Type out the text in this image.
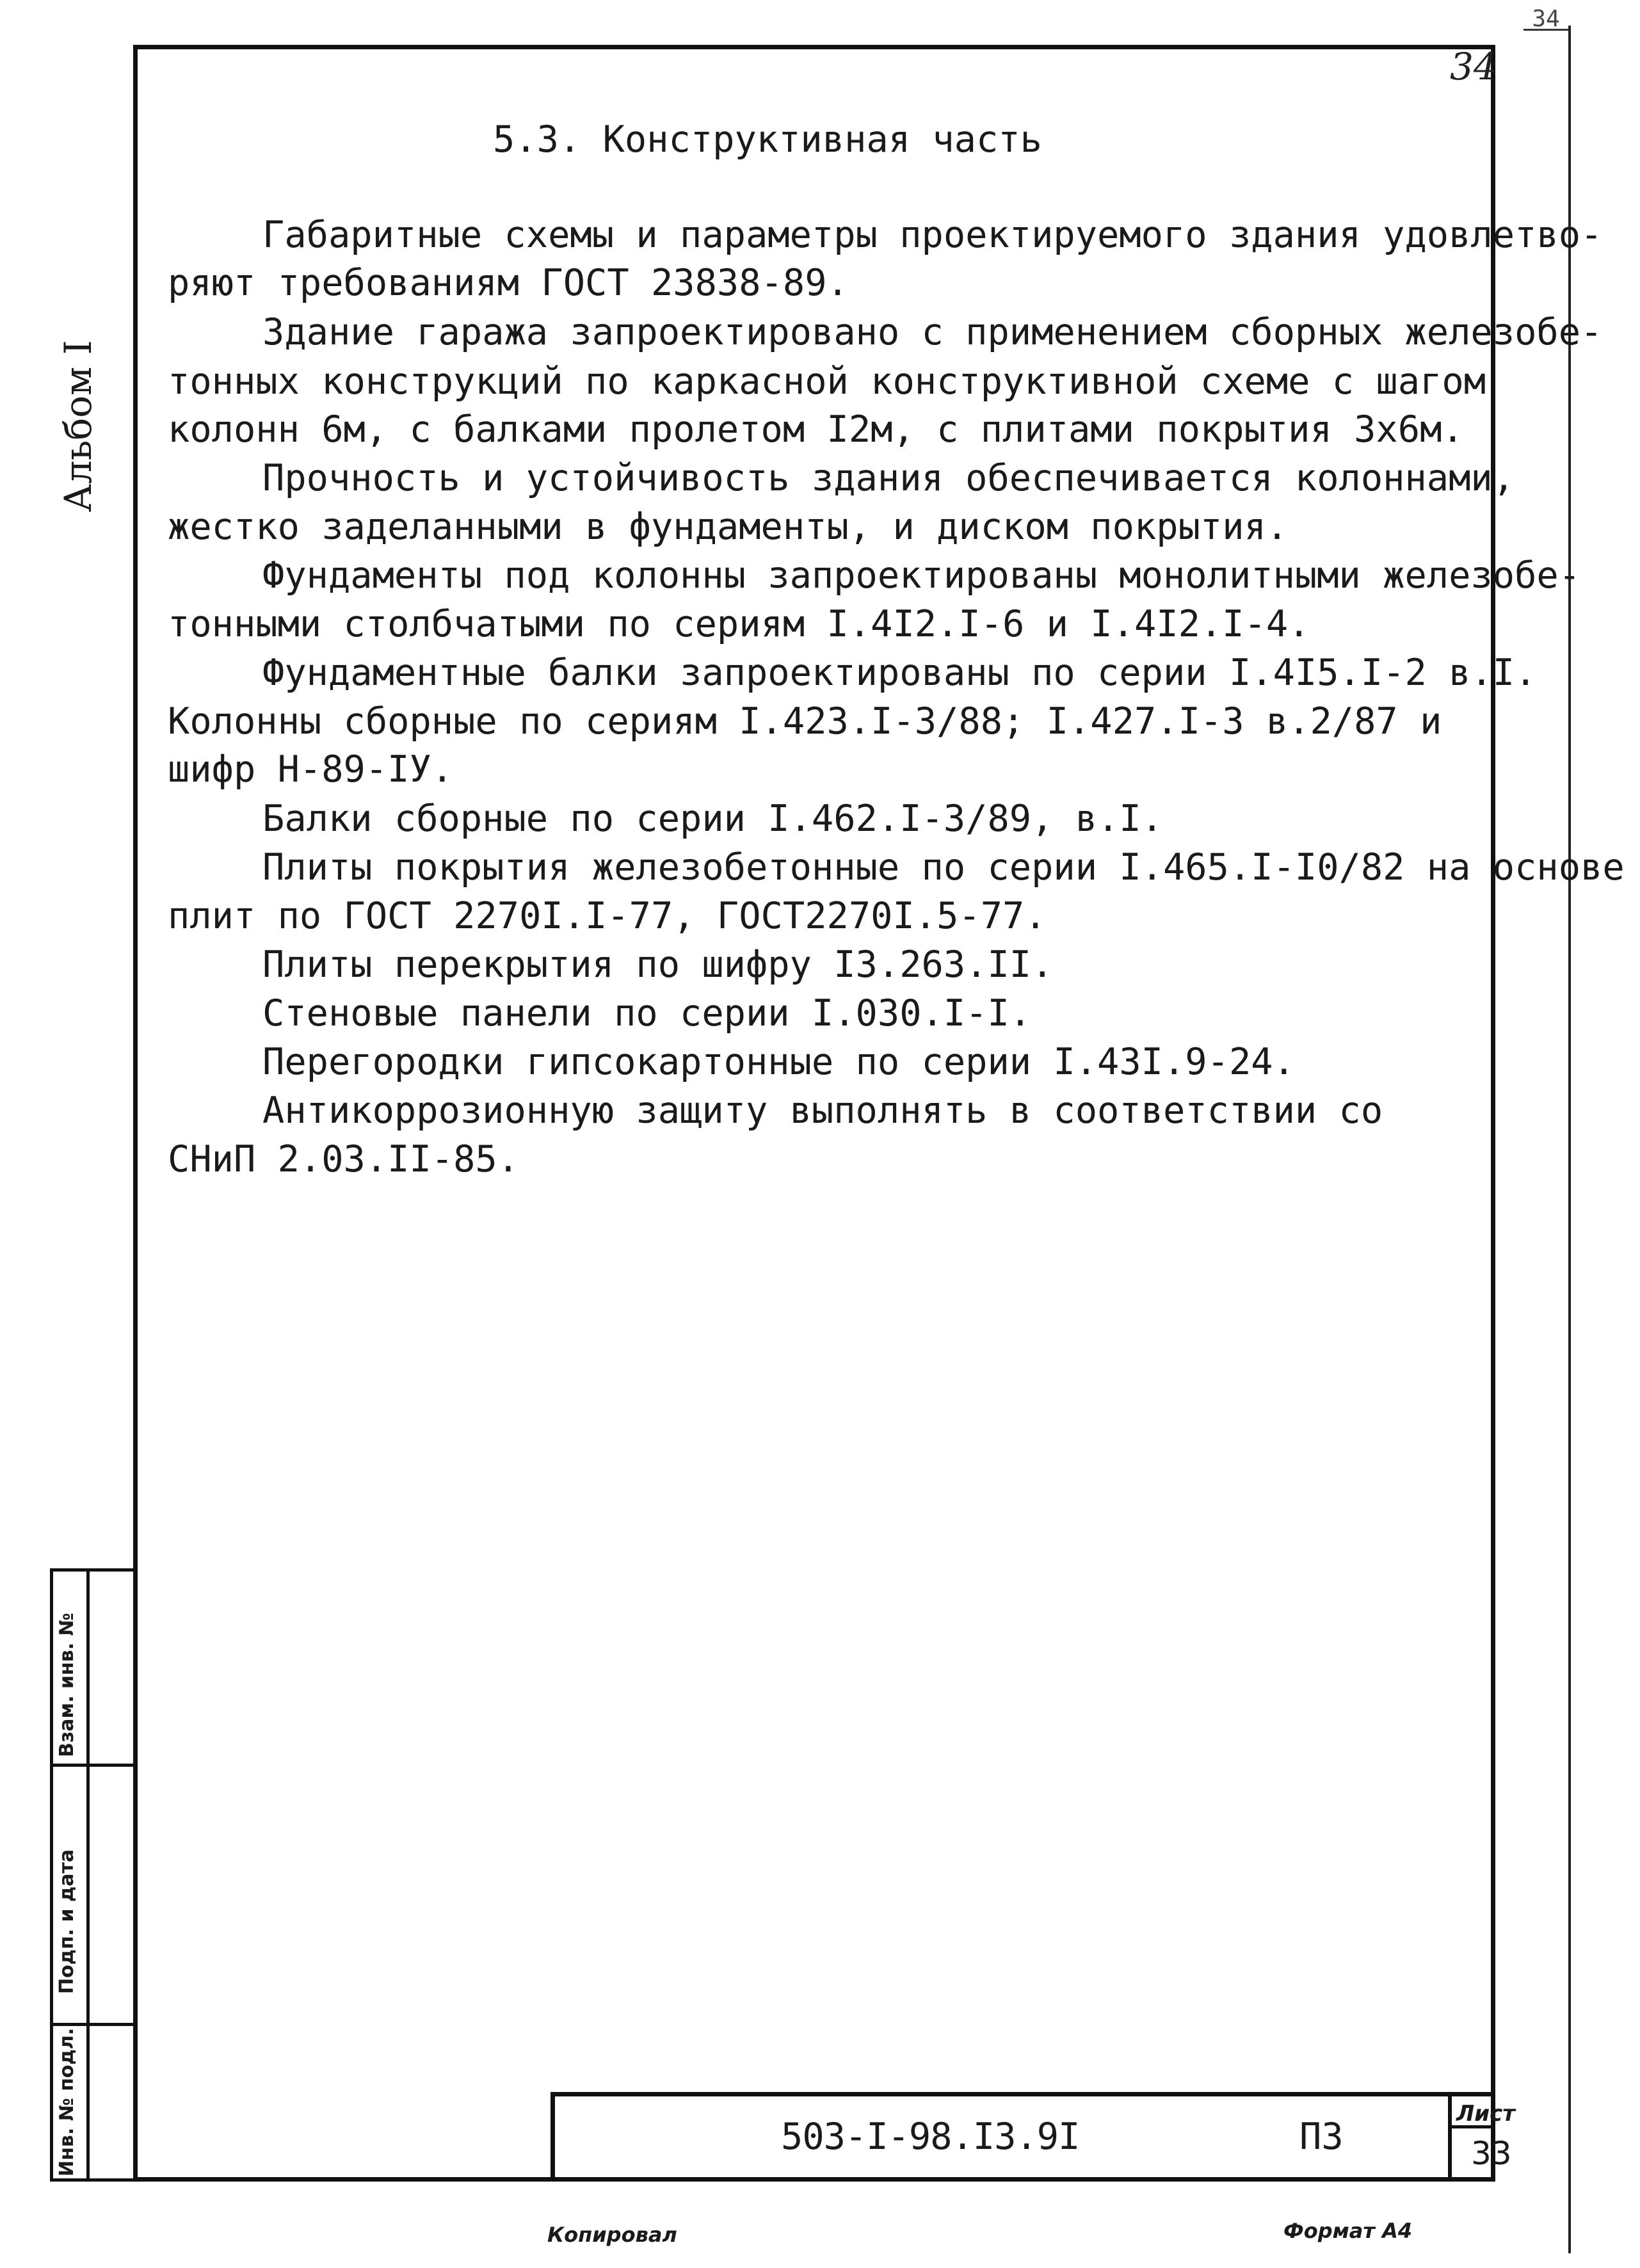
34
34
Альбом I
5.3. Конструктивная часть
Габаритные схемы и параметры проектируемого здания удовлетво-
ряют требованиям ГОСТ 23838-89.
Здание гаража запроектировано с применением сборных железобе-
тонных конструкций по каркасной конструктивной схеме с шагом
колонн 6м, с балками пролетом I2м, с плитами покрытия 3х6м.
Прочность и устойчивость здания обеспечивается колоннами,
жестко заделанными в фундаменты, и диском покрытия.
Фундаменты под колонны запроектированы монолитными железобе-
тонными столбчатыми по сериям I.4I2.I-6 и I.4I2.I-4.
Фундаментные балки запроектированы по серии I.4I5.I-2 в.I.
Колонны сборные по сериям I.423.I-3/88; I.427.I-3 в.2/87 и
шифр Н-89-IУ.
Балки сборные по серии I.462.I-3/89, в.I.
Плиты покрытия железобетонные по серии I.465.I-I0/82 на основе
плит по ГОСТ 2270I.I-77, ГОСТ2270I.5-77.
Плиты перекрытия по шифру I3.263.II.
Стеновые панели по серии I.030.I-I.
Перегородки гипсокартонные по серии I.43I.9-24.
Антикоррозионную защиту выполнять в соответствии со
СНиП 2.03.II-85.
Взам. инв. №
Подп. и дата
Инв. № подл.	503-I-98.I3.9I	ПЗ
Лист
33
Копировал	Формат А4
